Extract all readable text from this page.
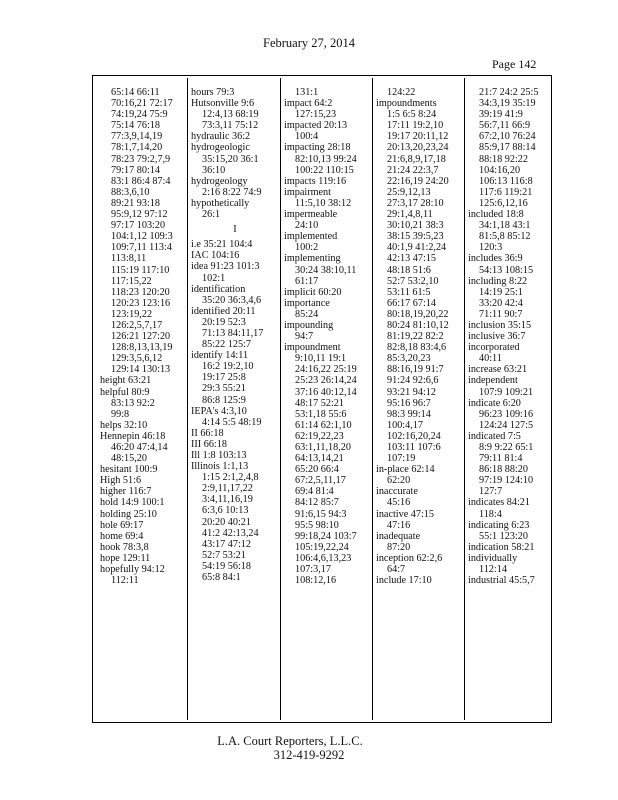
February 27, 2014
Page 142

65:14 66:11

70:16,21 72:17

74:19,24 75:9

75:14 76:18

77:3,9,14,19

78:1,7,14,20

78:23 79:2,7,9

79:17 80:14

83:1 86:4 87:4

88:3,6,10

89:21 93:18

95:9,12 97:12

97:17 103:20

104:1,12 109:3

109:7,11 113:4

113:8,11

115:19 117:10

117:15,22

118:23 120:20

120:23 123:16

123:19,22

126:2,5,7,17

126:21 127:20

128:8,13,13,19

129:3,5,6,12

129:14 130:13

height 63:21

helpful 80:9

83:13 92:2

99:8

helps 32:10

Hennepin 46:18

46:20 47:4,14

48:15,20

hesitant 100:9

High 51:6

higher 116:7

hold 14:9 100:1

holding 25:10

hole 69:17

home 69:4

hook 78:3,8

hope 129:11

hopefully 94:12

112:11

hours 79:3

Hutsonville 9:6

12:4,13 68:19

73:3,11 75:12

hydraulic 36:2

hydrogeologic

35:15,20 36:1

36:10

hydrogeology

2:16 8:22 74:9

hypothetically

26:1

I

i.e 35:21 104:4

IAC 104:16

idea 91:23 101:3

102:1

identification

35:20 36:3,4,6

identified 20:11

20:19 52:3

71:13 84:11,17

85:22 125:7

identify 14:11

16:2 19:2,10

19:17 25:8

29:3 55:21

86:8 125:9

IEPA's 4:3,10

4:14 5:5 48:19

II 66:18

III 66:18

Ill 1:8 103:13

Illinois 1:1,13

1:15 2:1,2,4,8

2:9,11,17,22

3:4,11,16,19

6:3,6 10:13

20:20 40:21

41:2 42:13,24

43:17 47:12

52:7 53:21

54:19 56:18

65:8 84:1

131:1

impact 64:2

127:15,23

impacted 20:13

100:4

impacting 28:18

82:10,13 99:24

100:22 110:15

impacts 119:16

impairment

11:5,10 38:12

impermeable

24:10

implemented

100:2

implementing

30:24 38:10,11

61:17

implicit 60:20

importance

85:24

impounding

94:7

impoundment

9:10,11 19:1

24:16,22 25:19

25:23 26:14,24

37:16 40:12,14

48:17 52:21

53:1,18 55:6

61:14 62:1,10

62:19,22,23

63:1,11,18,20

64:13,14,21

65:20 66:4

67:2,5,11,17

69:4 81:4

84:12 85:7

91:6,15 94:3

95:5 98:10

99:18,24 103:7

105:19,22,24

106:4,6,13,23

107:3,17

108:12,16

124:22

impoundments

1:5 6:5 8:24

17:11 19:2,10

19:17 20:11,12

20:13,20,23,24

21:6,8,9,17,18

21:24 22:3,7

22:16,19 24:20

25:9,12,13

27:3,17 28:10

29:1,4,8,11

30:10,21 38:3

38:15 39:5,23

40:1,9 41:2,24

42:13 47:15

48:18 51:6

52:7 53:2,10

53:11 61:5

66:17 67:14

80:18,19,20,22

80:24 81:10,12

81:19,22 82:2

82:8,18 83:4,6

85:3,20,23

88:16,19 91:7

91:24 92:6,6

93:21 94:12

95:16 96:7

98:3 99:14

100:4,17

102:16,20,24

103:11 107:6

107:19

in-place 62:14

62:20

inaccurate

45:16

inactive 47:15

47:16

inadequate

87:20

inception 62:2,6

64:7

include 17:10

21:7 24:2 25:5

34:3,19 35:19

39:19 41:9

56:7,11 66:9

67:2,10 76:24

85:9,17 88:14

88:18 92:22

104:16,20

106:13 116:8

117:6 119:21

125:6,12,16

included 18:8

34:1,18 43:1

81:5,8 85:12

120:3

includes 36:9

54:13 108:15

including 8:22

14:19 25:1

33:20 42:4

71:11 90:7

inclusion 35:15

inclusive 36:7

incorporated

40:11

increase 63:21

independent

107:9 109:21

indicate 6:20

96:23 109:16

124:24 127:5

indicated 7:5

8:9 9:22 65:1

79:11 81:4

86:18 88:20

97:19 124:10

127:7

indicates 84:21

118:4

indicating 6:23

55:1 123:20

indication 58:21

individually

112:14

industrial 45:5,7

L.A. Court Reporters, L.L.C.
312-419-9292
